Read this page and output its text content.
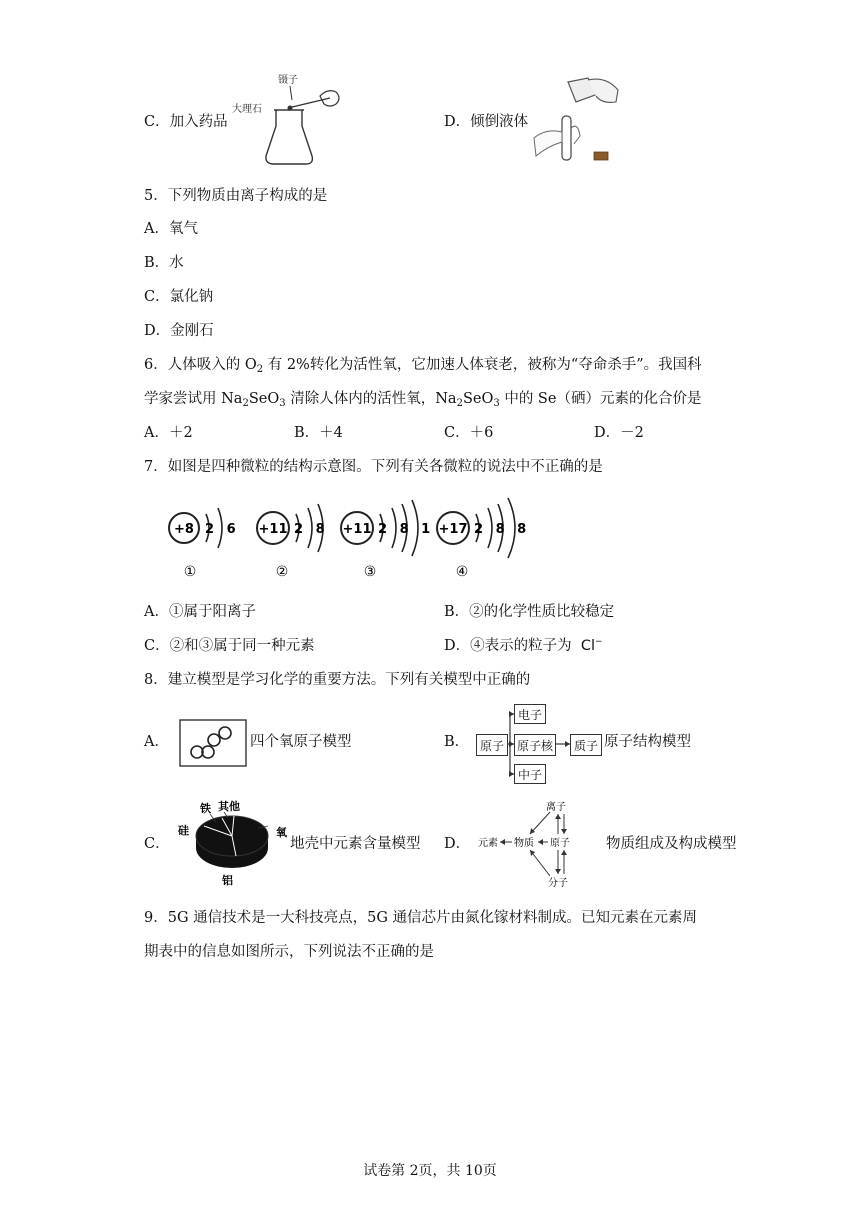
C．加入药品
镊子
大理石
D．倾倒液体
5．下列物质由离子构成的是
A．氧气
B．水
C．氯化钠
D．金刚石
6．人体吸入的 $O_2$ 有 2%转化为活性氧，它加速人体衰老，被称为“夺命杀手”。我国科
学家尝试用 $Na_2SeO_3$ 清除人体内的活性氧，$Na_2SeO_3$ 中的 Se（硒）元素的化合价是
A．＋2	B．＋4	C．＋6	D．－2
7．如图是四种微粒的结构示意图。下列有关各微粒的说法中不正确的是
+8 2 6
①
+11 2 8
②
+11 2 8 1
③
+17 2 8 8
④
A．①属于阳离子	B．②的化学性质比较稳定
C．②和③属于同一种元素	D．④表示的粒子为 Cl−
8．建立模型是学习化学的重要方法。下列有关模型中正确的
A．	四个氧原子模型	B． 原子
电子
原子核	质子
中子
原子结构模型
C．
铁 其他
硅	氧
铝
地壳中元素含量模型 D．
离子
元素 物质 原子
分子
物质组成及构成模型
9．5G 通信技术是一大科技亮点，5G 通信芯片由氮化镓材料制成。已知元素在元素周
期表中的信息如图所示，下列说法不正确的是
试卷第 2页，共 10页
